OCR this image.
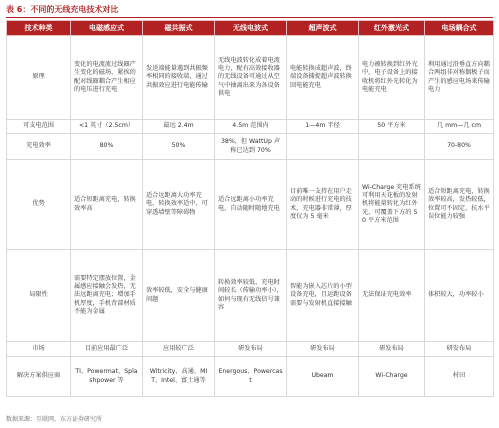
表 6：不同的无线充电技术对比
技术种类	电磁感应式	磁共振式	无线电波式	超声波式	红外激光式	电场耦合式
原理	变化的电流流过线圈产生变化的磁场，紧挨的配对线圈耦合产生相应的电压进行充电	发送端能量遇到共振频率相同的接收端，通过共振效应进行电能传输	无线电波转化成着电流电力，配有高效接收器的无线设备可通过从空气中抽离出来为各设备供电	电能转换成超声波，终端设备捕捉超声波转换回电能充电	电力被转换到红外光中，电子设备上的接收机将红外光转化为电能充电	利用通过沿垂直方向耦合两组非对称偶极子而产生的感应电场来传输电力
可支电范围	<1 英寸（2.5cm）	最远 2.4m	4.5m 范围内	1—4m 半径	50 平方米	几 mm—几 cm
充电效率	80%	50%	38%，但 WattUp 声称已达到 70%			70-80%
优势	适合短距离充电，转换效率高	适合远距离大功率充电，转换效率适中，可穿透墙壁等障碍物	适合远距离小功率充电，自动随时随地充电	目前唯一支持在用户走动的时候进行充电的技术，充电器非常薄，厚度仅为 5 毫米	Wi-Charge 充电系统可利用天花板的发射机将能量转化为红外光，可覆盖下方的 50 平方米范围	适合短距离充电，转换效率较高，发热较低，位置可不固定，抗水平误位能力较强
局限性	需要特定摆放位置，金属感应接触会发热，无法远距离充电；增加手机厚度，手机背部材质不能为金属	效率较低，安全与健康问题	转换效率较低，充电时间较长（传输功率小），如何与现有无线信号兼容	智能为嵌入芯片的小型设备充电，且运距设备需要与发射机直接接触	无法保证充电效率	体积较大，功率较小
市场	目前应用最广泛	应用较广泛	研发布局	研发布局	研发布局	研发布局
解决方案供应商	TI、Powermat、Splashpower 等	Witricity、高通、MIT、Intel、富士通等	Energous、Powercast	Ubeam	Wi-Charge	村田
数据来源：互联网，东方证券研究所
